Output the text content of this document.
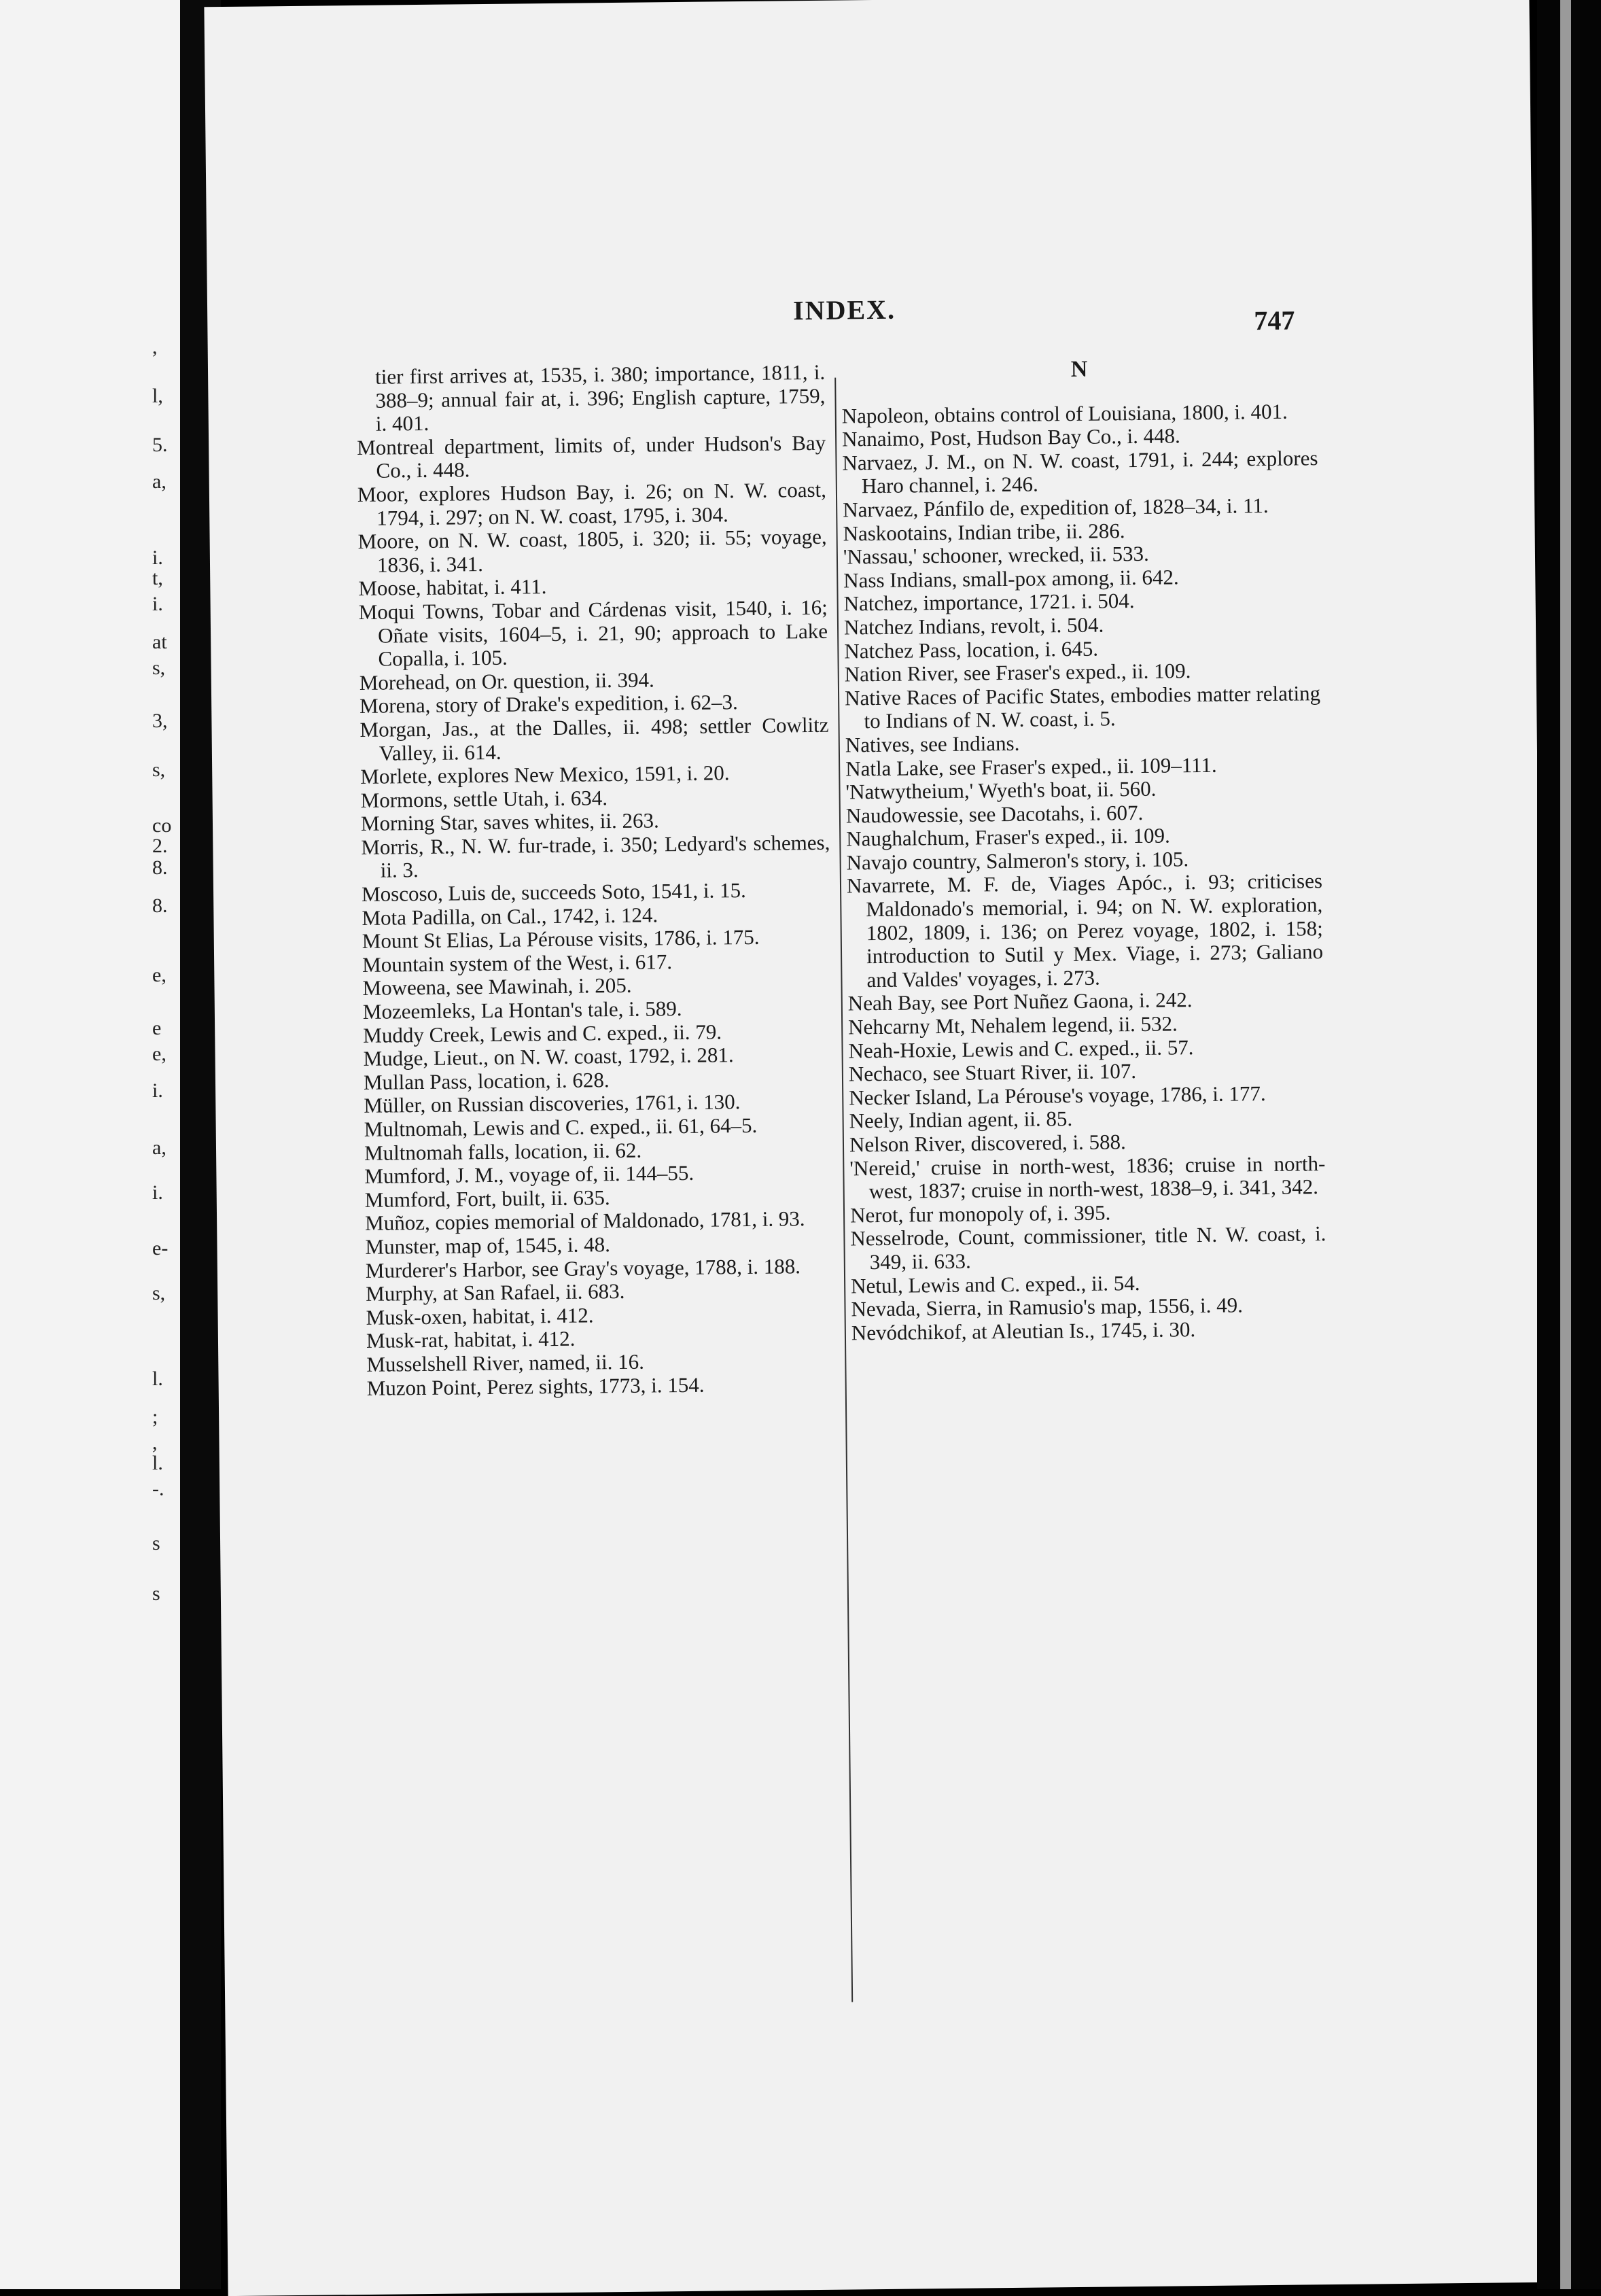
,
l,
5.
a,
i.
t,
i.
at
s,
3,
s,
co
2.
8.
8.
e,
e
e,
i.
a,
i.
e-
s,
l.
;
,
l.
-.
s
s
INDEX.	747

tier first arrives at, 1535, i. 380; importance, 1811, i. 388–9; annual fair at, i. 396; English capture, 1759, i. 401.

Montreal department, limits of, under Hudson's Bay Co., i. 448.

Moor, explores Hudson Bay, i. 26; on N. W. coast, 1794, i. 297; on N. W. coast, 1795, i. 304.

Moore, on N. W. coast, 1805, i. 320; ii. 55; voyage, 1836, i. 341.

Moose, habitat, i. 411.

Moqui Towns, Tobar and Cárdenas visit, 1540, i. 16; Oñate visits, 1604–5, i. 21, 90; approach to Lake Copalla, i. 105.

Morehead, on Or. question, ii. 394.

Morena, story of Drake's expedition, i. 62–3.

Morgan, Jas., at the Dalles, ii. 498; settler Cowlitz Valley, ii. 614.

Morlete, explores New Mexico, 1591, i. 20.

Mormons, settle Utah, i. 634.

Morning Star, saves whites, ii. 263.

Morris, R., N. W. fur-trade, i. 350; Ledyard's schemes, ii. 3.

Moscoso, Luis de, succeeds Soto, 1541, i. 15.

Mota Padilla, on Cal., 1742, i. 124.

Mount St Elias, La Pérouse visits, 1786, i. 175.

Mountain system of the West, i. 617.

Moweena, see Mawinah, i. 205.

Mozeemleks, La Hontan's tale, i. 589.

Muddy Creek, Lewis and C. exped., ii. 79.

Mudge, Lieut., on N. W. coast, 1792, i. 281.

Mullan Pass, location, i. 628.

Müller, on Russian discoveries, 1761, i. 130.

Multnomah, Lewis and C. exped., ii. 61, 64–5.

Multnomah falls, location, ii. 62.

Mumford, J. M., voyage of, ii. 144–55.

Mumford, Fort, built, ii. 635.

Muñoz, copies memorial of Maldonado, 1781, i. 93.

Munster, map of, 1545, i. 48.

Murderer's Harbor, see Gray's voyage, 1788, i. 188.

Murphy, at San Rafael, ii. 683.

Musk-oxen, habitat, i. 412.

Musk-rat, habitat, i. 412.

Musselshell River, named, ii. 16.

Muzon Point, Perez sights, 1773, i. 154.

N

Napoleon, obtains control of Louisiana, 1800, i. 401.

Nanaimo, Post, Hudson Bay Co., i. 448.

Narvaez, J. M., on N. W. coast, 1791, i. 244; explores Haro channel, i. 246.

Narvaez, Pánfilo de, expedition of, 1828–34, i. 11.

Naskootains, Indian tribe, ii. 286.

'Nassau,' schooner, wrecked, ii. 533.

Nass Indians, small-pox among, ii. 642.

Natchez, importance, 1721. i. 504.

Natchez Indians, revolt, i. 504.

Natchez Pass, location, i. 645.

Nation River, see Fraser's exped., ii. 109.

Native Races of Pacific States, embodies matter relating to Indians of N. W. coast, i. 5.

Natives, see Indians.

Natla Lake, see Fraser's exped., ii. 109–111.

'Natwytheium,' Wyeth's boat, ii. 560.

Naudowessie, see Dacotahs, i. 607.

Naughalchum, Fraser's exped., ii. 109.

Navajo country, Salmeron's story, i. 105.

Navarrete, M. F. de, Viages Apóc., i. 93; criticises Maldonado's memorial, i. 94; on N. W. exploration, 1802, 1809, i. 136; on Perez voyage, 1802, i. 158; introduction to Sutil y Mex. Viage, i. 273; Galiano and Valdes' voyages, i. 273.

Neah Bay, see Port Nuñez Gaona, i. 242.

Nehcarny Mt, Nehalem legend, ii. 532.

Neah-Hoxie, Lewis and C. exped., ii. 57.

Nechaco, see Stuart River, ii. 107.

Necker Island, La Pérouse's voyage, 1786, i. 177.

Neely, Indian agent, ii. 85.

Nelson River, discovered, i. 588.

'Nereid,' cruise in north-west, 1836; cruise in north-west, 1837; cruise in north-west, 1838–9, i. 341, 342.

Nerot, fur monopoly of, i. 395.

Nesselrode, Count, commissioner, title N. W. coast, i. 349, ii. 633.

Netul, Lewis and C. exped., ii. 54.

Nevada, Sierra, in Ramusio's map, 1556, i. 49.

Nevódchikof, at Aleutian Is., 1745, i. 30.
